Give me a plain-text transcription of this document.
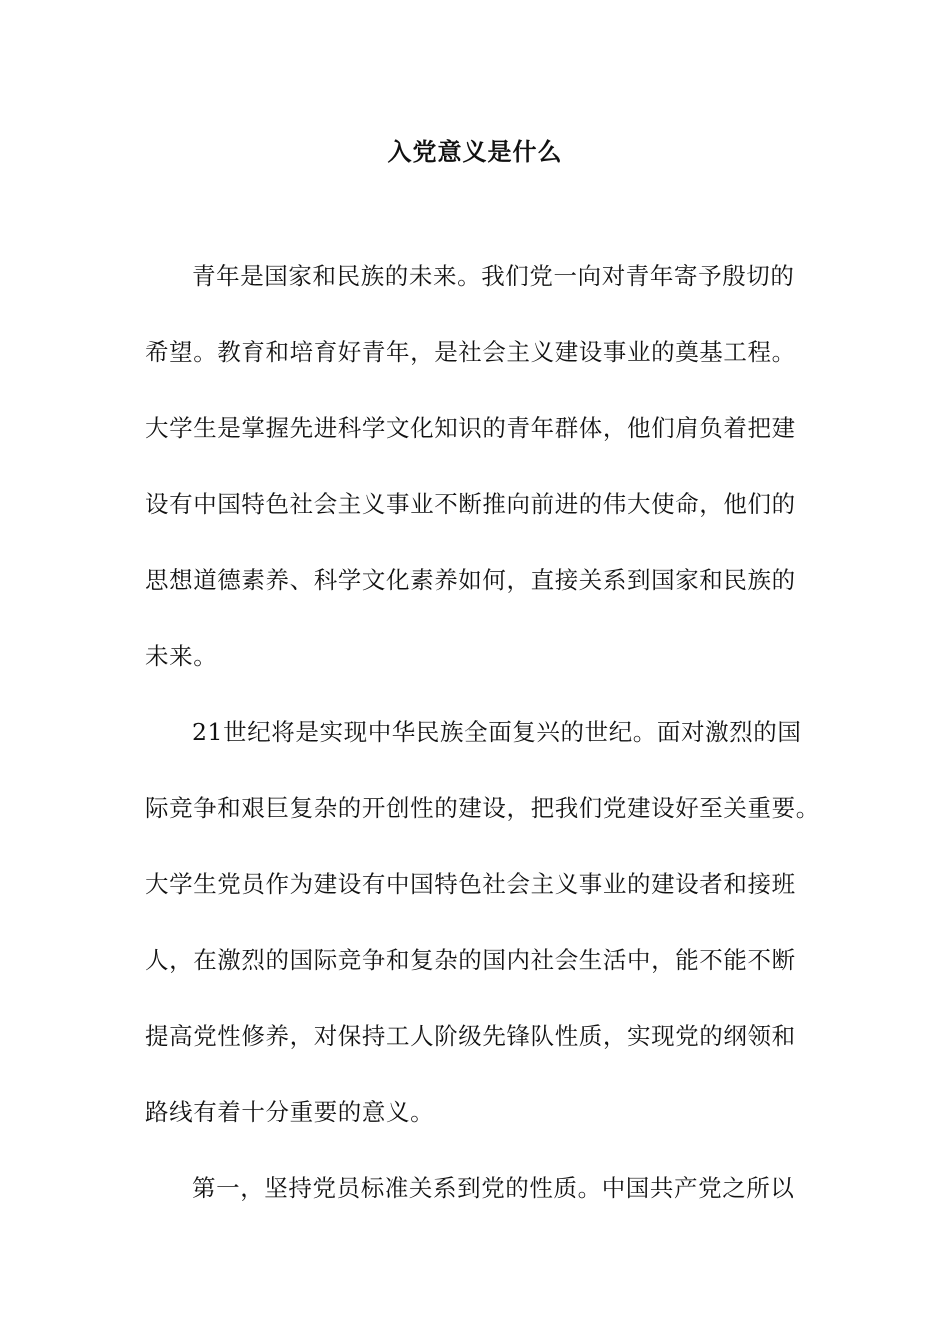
入党意义是什么
青年是国家和民族的未来。我们党一向对青年寄予殷切的
希望。教育和培育好青年，是社会主义建设事业的奠基工程。
大学生是掌握先进科学文化知识的青年群体，他们肩负着把建
设有中国特色社会主义事业不断推向前进的伟大使命，他们的
思想道德素养、科学文化素养如何，直接关系到国家和民族的
未来。
21世纪将是实现中华民族全面复兴的世纪。面对激烈的国
际竞争和艰巨复杂的开创性的建设，把我们党建设好至关重要。
大学生党员作为建设有中国特色社会主义事业的建设者和接班
人，在激烈的国际竞争和复杂的国内社会生活中，能不能不断
提高党性修养，对保持工人阶级先锋队性质，实现党的纲领和
路线有着十分重要的意义。
第一，坚持党员标准关系到党的性质。中国共产党之所以
